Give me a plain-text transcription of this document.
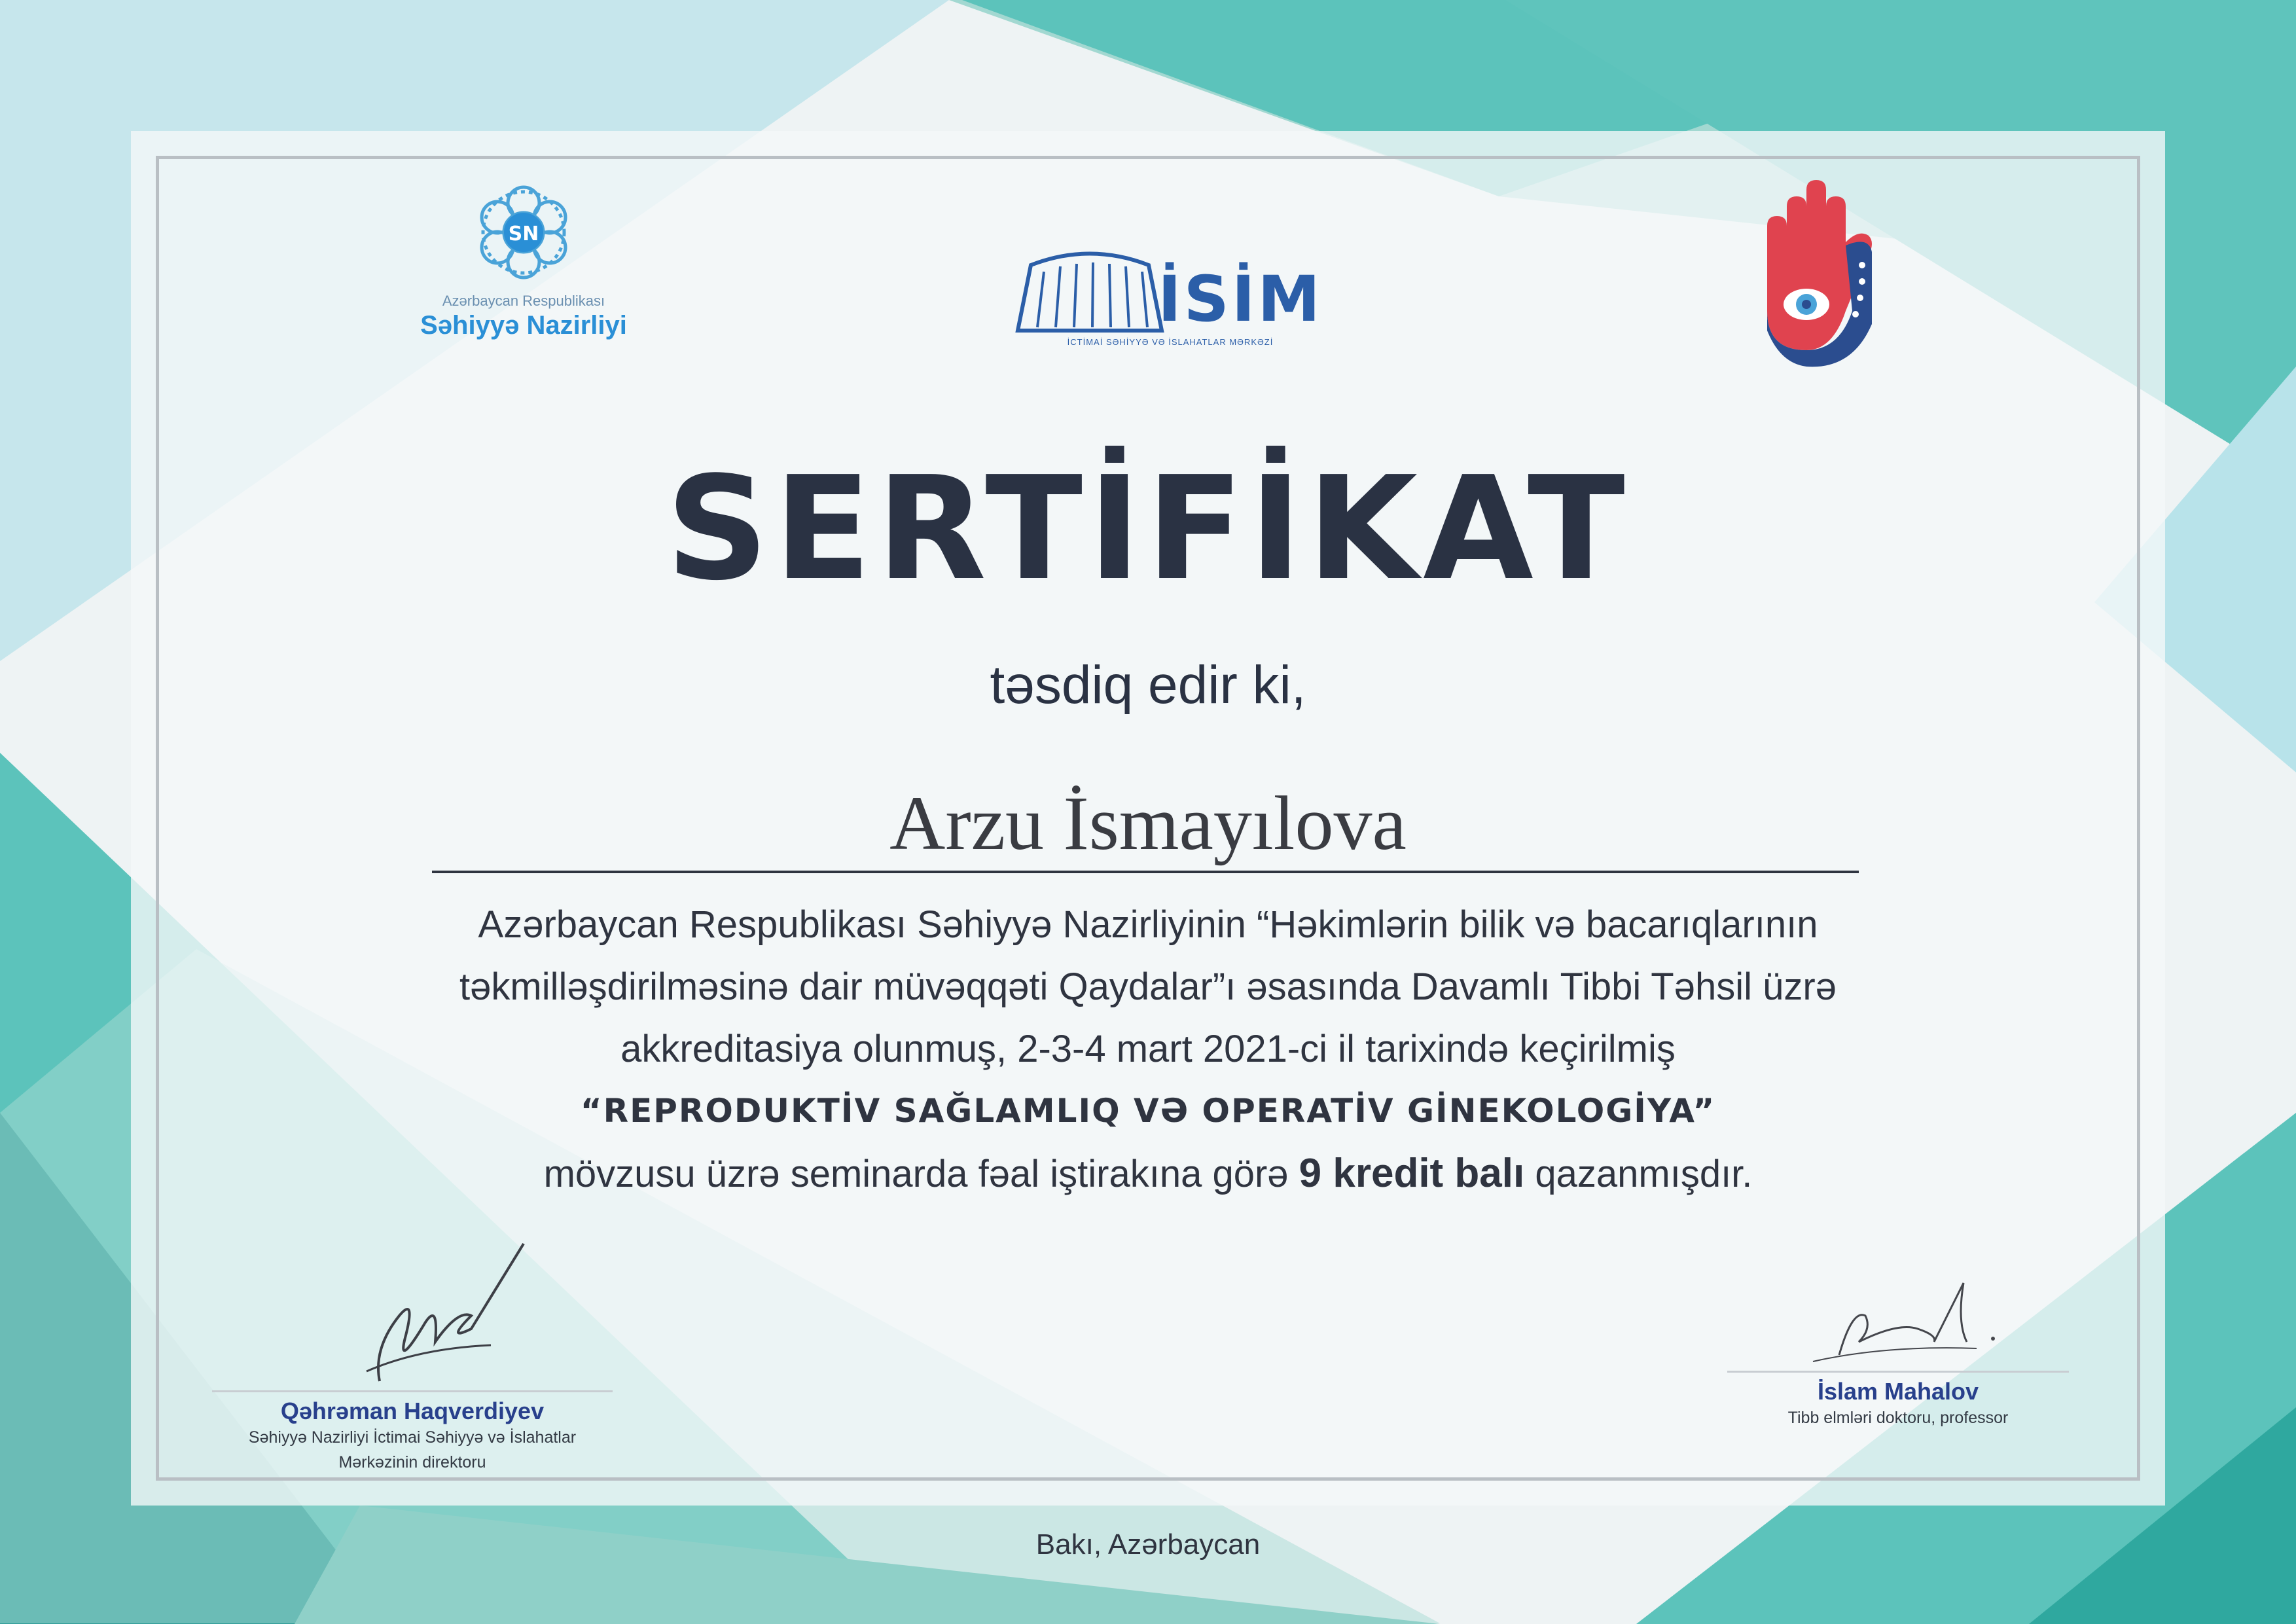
SN
Azərbaycan Respublikası
Səhiyyə Nazirliyi	İSİM
İCTİMAİ SƏHİYYƏ VƏ İSLAHATLAR MƏRKƏZİ
SERTİFİKAT
təsdiq edir ki,
Arzu İsmayılova

Azərbaycan Respublikası Səhiyyə Nazirliyinin “Həkimlərin bilik və bacarıqlarının

təkmilləşdirilməsinə dair müvəqqəti Qaydalar”ı əsasında Davamlı Tibbi Təhsil üzrə

akkreditasiya olunmuş, 2-3-4 mart 2021-ci il tarixində keçirilmiş

“REPRODUKTİV SAĞLAMLIQ VƏ OPERATİV GİNEKOLOGİYA”

mövzusu üzrə seminarda fəal iştirakına görə 9 kredit balı qazanmışdır.

Qəhrəman Haqverdiyev
Səhiyyə Nazirliyi İctimai Səhiyyə və İslahatlar
Mərkəzinin direktoru
İslam Mahalov
Tibb elmləri doktoru, professor
Bakı, Azərbaycan
